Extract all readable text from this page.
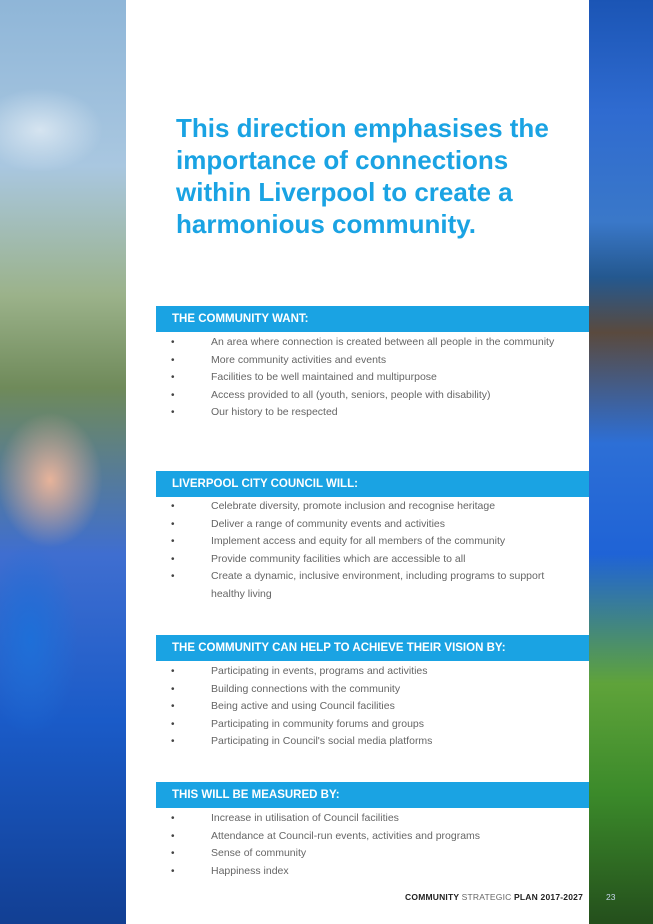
This direction emphasises the importance of connections within Liverpool to create a harmonious community.
THE COMMUNITY WANT:
•	An area where connection is created between all people in the community
•	More community activities and events
•	Facilities to be well maintained and multipurpose
•	Access provided to all (youth, seniors, people with disability)
•	Our history to be respected
LIVERPOOL CITY COUNCIL WILL:
•	Celebrate diversity, promote inclusion and recognise heritage
•	Deliver a range of community events and activities
•	Implement access and equity for all members of the community
•	Provide community facilities which are accessible to all
•	Create a dynamic, inclusive environment, including programs to support healthy living
THE COMMUNITY CAN HELP TO ACHIEVE THEIR VISION BY:
•	Participating in events, programs and activities
•	Building connections with the community
•	Being active and using Council facilities
•	Participating in community forums and groups
•	Participating in Council's social media platforms
THIS WILL BE MEASURED BY:
•	Increase in utilisation of Council facilities
•	Attendance at Council-run events, activities and programs
•	Sense of community
•	Happiness index
COMMUNITY STRATEGIC PLAN 2017-2027	23
